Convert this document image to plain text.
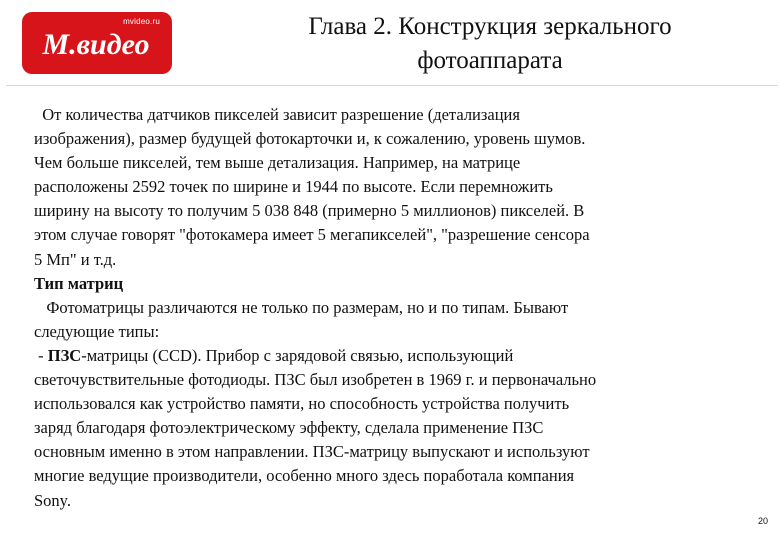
М.видео
mvideo.ru	Глава 2. Конструкция зеркального
фотоаппарата
От количества датчиков пикселей зависит разрешение (детализация
изображения), размер будущей фотокарточки и, к сожалению, уровень шумов.
Чем больше пикселей, тем выше детализация. Например, на матрице
расположены 2592 точек по ширине и 1944 по высоте. Если перемножить
ширину на высоту то получим 5 038 848 (примерно 5 миллионов) пикселей. В
этом случае говорят "фотокамера имеет 5 мегапикселей", "разрешение сенсора
5 Мп" и т.д.
Тип матриц
Фотоматрицы различаются не только по размерам, но и по типам. Бывают
следующие типы:
- ПЗС-матрицы (CCD). Прибор с зарядовой связью, использующий
светочувствительные фотодиоды. ПЗС был изобретен в 1969 г. и первоначально
использовался как устройство памяти, но способность устройства получить
заряд благодаря фотоэлектрическому эффекту, сделала применение ПЗС
основным именно в этом направлении. ПЗС-матрицу выпускают и используют
многие ведущие производители, особенно много здесь поработала компания
Sony.
20
